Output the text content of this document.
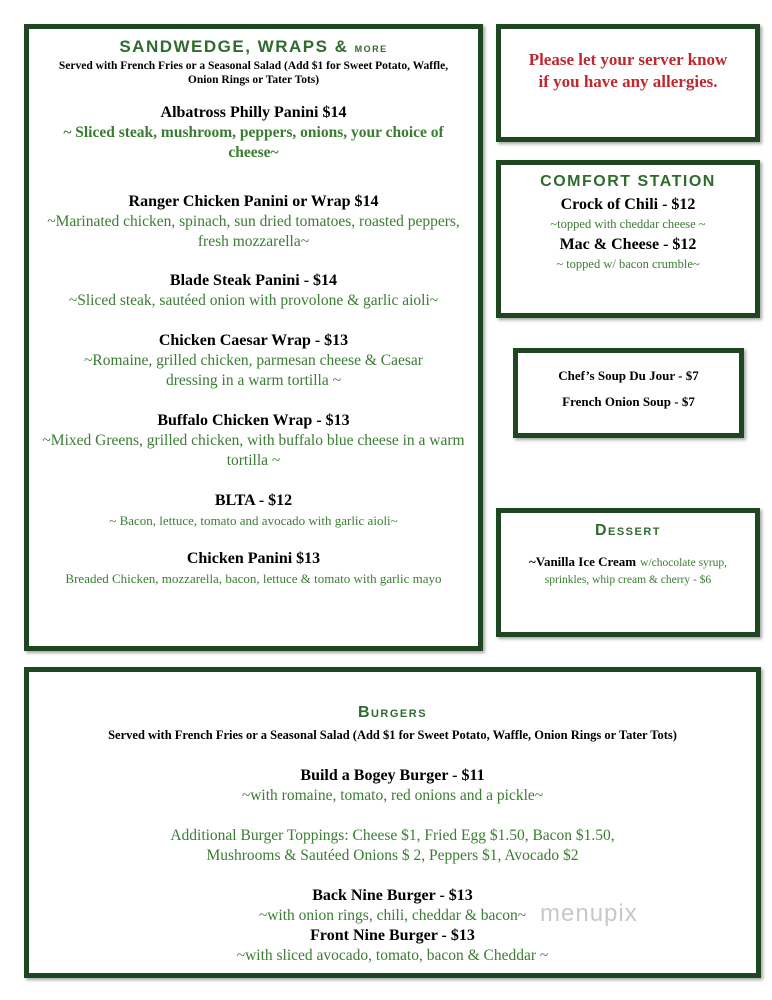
SANDWEDGE, WRAPS & more

Served with French Fries or a Seasonal Salad (Add $1 for Sweet Potato, Waffle, Onion Rings or Tater Tots)

Albatross Philly Panini $14

~ Sliced steak, mushroom, peppers, onions, your choice of

cheese~

Ranger Chicken Panini or Wrap $14

~Marinated chicken, spinach, sun dried tomatoes, roasted peppers, fresh mozzarella~

Blade Steak Panini - $14

~Sliced steak, sautéed onion with provolone & garlic aioli~

Chicken Caesar Wrap - $13

~Romaine, grilled chicken, parmesan cheese & Caesar dressing in a warm tortilla ~

Buffalo Chicken Wrap - $13

~Mixed Greens, grilled chicken, with buffalo blue cheese in a warm tortilla ~

BLTA - $12

~ Bacon, lettuce, tomato and avocado with garlic aioli~

Chicken Panini $13

Breaded Chicken, mozzarella, bacon, lettuce & tomato with garlic mayo

Please let your server know
if you have any allergies.

COMFORT STATION

Crock of Chili - $12

~topped with cheddar cheese ~

Mac & Cheese - $12

~ topped w/ bacon crumble~

Chef’s Soup Du Jour - $7
French Onion Soup - $7

Dessert

~Vanilla Ice Cream w/chocolate syrup,
sprinkles, whip cream & cherry - $6

Burgers

Served with French Fries or a Seasonal Salad (Add $1 for Sweet Potato, Waffle, Onion Rings or Tater Tots)

Build a Bogey Burger - $11

~with romaine, tomato, red onions and a pickle~

Additional Burger Toppings: Cheese $1, Fried Egg $1.50, Bacon $1.50,

Mushrooms & Sautéed Onions $ 2, Peppers $1, Avocado $2

Back Nine Burger - $13

~with onion rings, chili, cheddar & bacon~

Front Nine Burger - $13

~with sliced avocado, tomato, bacon & Cheddar ~

menupix
